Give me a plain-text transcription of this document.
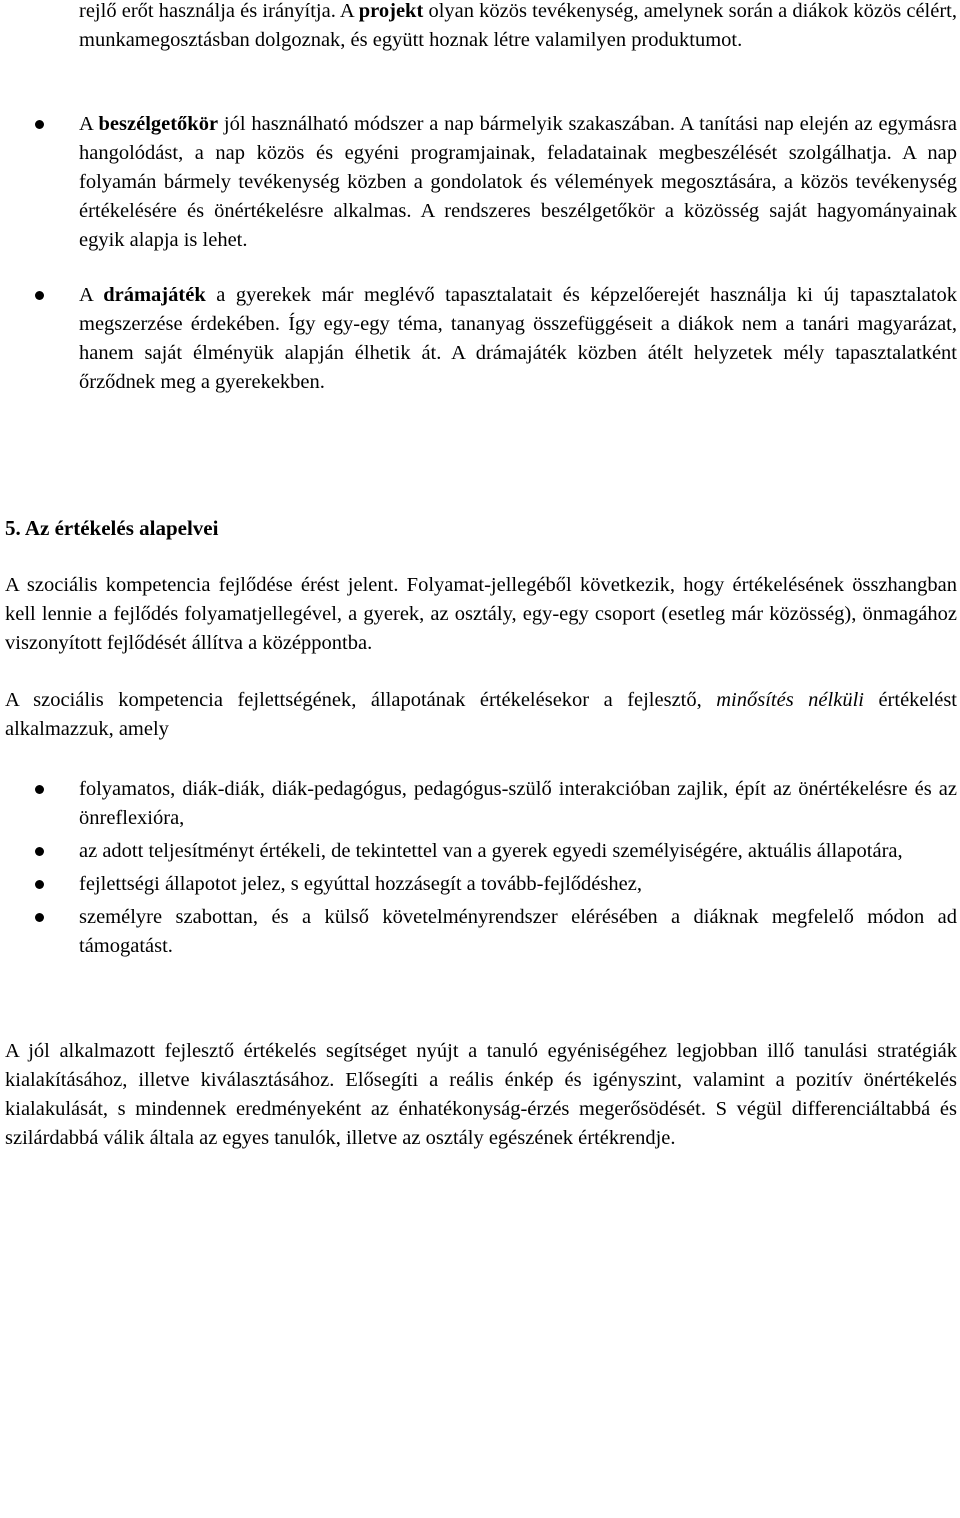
rejlő erőt használja és irányítja. A projekt olyan közös tevékenység, amelynek során a diákok közös célért, munkamegosztásban dolgoznak, és együtt hoznak létre valamilyen produktumot.

A beszélgetőkör jól használható módszer a nap bármelyik szakaszában. A tanítási nap elején az egymásra hangolódást, a nap közös és egyéni programjainak, feladatainak megbeszélését szolgálhatja. A nap folyamán bármely tevékenység közben a gondolatok és vélemények megosztására, a közös tevékenység értékelésére és önértékelésre alkalmas. A rendszeres beszélgetőkör a közösség saját hagyományainak egyik alapja is lehet.
A drámajáték a gyerekek már meglévő tapasztalatait és képzelőerejét használja ki új tapasztalatok megszerzése érdekében. Így egy-egy téma, tananyag összefüggéseit a diákok nem a tanári magyarázat, hanem saját élményük alapján élhetik át. A drámajáték közben átélt helyzetek mély tapasztalatként őrződnek meg a gyerekekben.
5. Az értékelés alapelvei

A szociális kompetencia fejlődése érést jelent. Folyamat-jellegéből következik, hogy értékelésének összhangban kell lennie a fejlődés folyamatjellegével, a gyerek, az osztály, egy-egy csoport (esetleg már közösség), önmagához viszonyított fejlődését állítva a középpontba.

A szociális kompetencia fejlettségének, állapotának értékelésekor a fejlesztő, minősítés nélküli értékelést alkalmazzuk, amely

folyamatos, diák-diák, diák-pedagógus, pedagógus-szülő interakcióban zajlik, épít az önértékelésre és az önreflexióra,
az adott teljesítményt értékeli, de tekintettel van a gyerek egyedi személyiségére, aktuális állapotára,
fejlettségi állapotot jelez, s egyúttal hozzásegít a tovább-fejlődéshez,
személyre szabottan, és a külső követelményrendszer elérésében a diáknak megfelelő módon ad támogatást.

A jól alkalmazott fejlesztő értékelés segítséget nyújt a tanuló egyéniségéhez legjobban illő tanulási stratégiák kialakításához, illetve kiválasztásához. Elősegíti a reális énkép és igényszint, valamint a pozitív önértékelés kialakulását, s mindennek eredményeként az énhatékonyság-érzés megerősödését. S végül differenciáltabbá és szilárdabbá válik általa az egyes tanulók, illetve az osztály egészének értékrendje.
